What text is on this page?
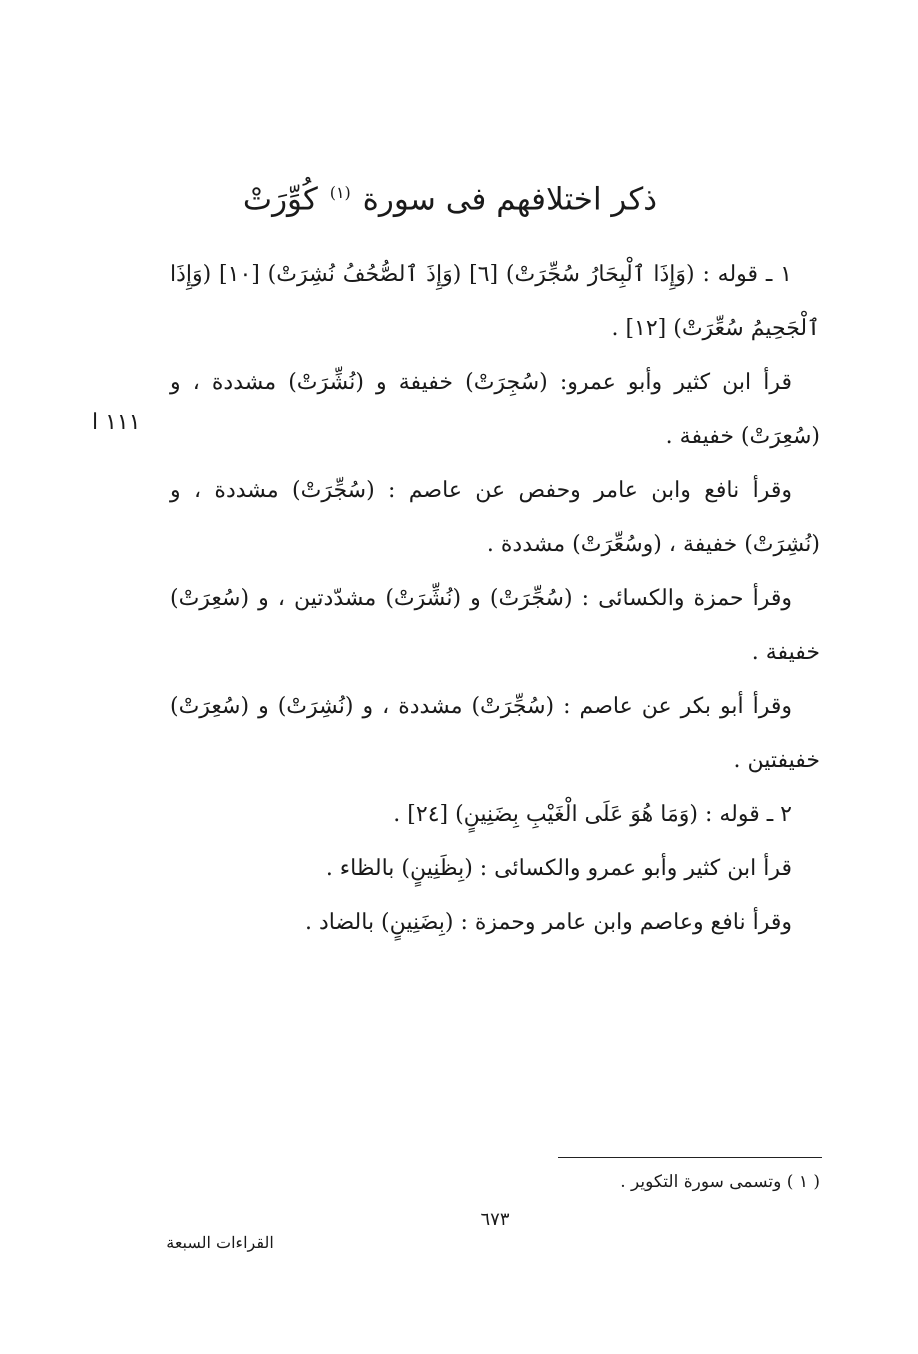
ذكر اختلافهم فى سورة $^{(١)}$ كُوِّرَتْ
١١١ ا

١ ـ قوله : (وَإِذَا ٱلْبِحَارُ سُجِّرَتْ) [٦] (وَإِذَ ٱلصُّحُفُ نُشِرَتْ) [١٠] (وَإِذَا ٱلْجَحِيمُ سُعِّرَتْ) [١٢] .

قرأ ابن كثير وأبو عمرو: (سُجِرَتْ) خفيفة و (نُشِّرَتْ) مشددة ، و (سُعِرَتْ) خفيفة .

وقرأ نافع وابن عامر وحفص عن عاصم : (سُجِّرَتْ) مشددة ، و (نُشِرَتْ) خفيفة ، (وسُعِّرَتْ) مشددة .

وقرأ حمزة والكسائى : (سُجِّرَتْ) و (نُشِّرَتْ) مشدّدتين ، و (سُعِرَتْ) خفيفة .

وقرأ أبو بكر عن عاصم : (سُجِّرَتْ) مشددة ، و (نُشِرَتْ) و (سُعِرَتْ) خفيفتين .

٢ ـ قوله : (وَمَا هُوَ عَلَى الْغَيْبِ بِضَنِينٍ) [٢٤] .

قرأ ابن كثير وأبو عمرو والكسائى : (بِظَنِينٍ) بالظاء .

وقرأ نافع وعاصم وابن عامر وحمزة : (بِضَنِينٍ) بالضاد .

( ١ ) وتسمى سورة التكوير .
٦٧٣
القراءات السبعة
